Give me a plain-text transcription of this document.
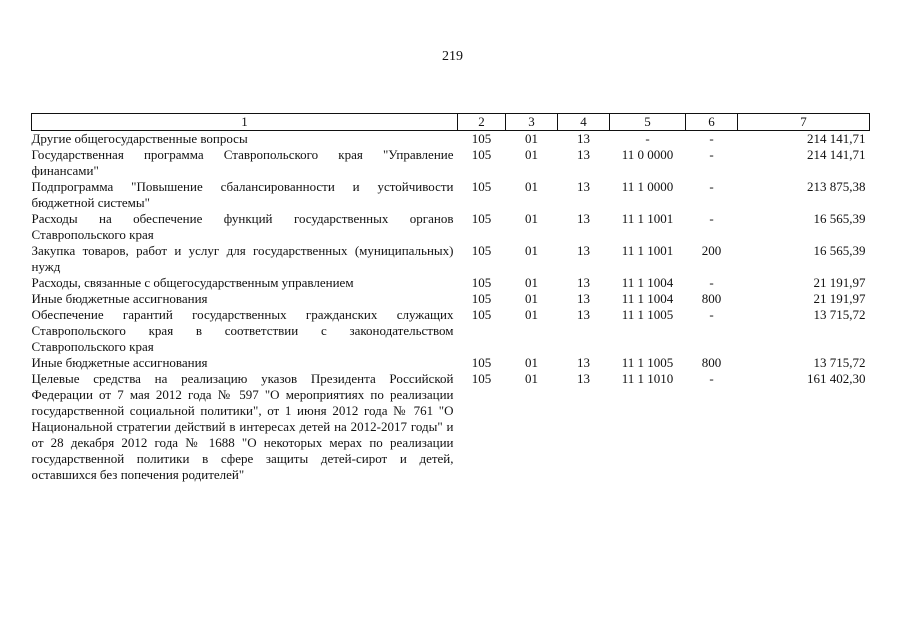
219
1	2	3	4	5	6	7
Другие общегосударственные вопросы	105	01	13	-	-	214 141,71
Государственная программа Ставропольского края "Управление финансами"	105	01	13	11 0 0000	-	214 141,71
Подпрограмма "Повышение сбалансированности и устойчивости бюджетной системы"	105	01	13	11 1 0000	-	213 875,38
Расходы на обеспечение функций государственных органов Ставропольского края	105	01	13	11 1 1001	-	16 565,39
Закупка товаров, работ и услуг для государственных (муниципальных) нужд	105	01	13	11 1 1001	200	16 565,39
Расходы, связанные с общегосударственным управлением	105	01	13	11 1 1004	-	21 191,97
Иные бюджетные ассигнования	105	01	13	11 1 1004	800	21 191,97
Обеспечение гарантий государственных гражданских служащих Ставропольского края в соответствии с законодательством Ставропольского края	105	01	13	11 1 1005	-	13 715,72
Иные бюджетные ассигнования	105	01	13	11 1 1005	800	13 715,72
Целевые средства на реализацию указов Президента Российской Федерации от 7 мая 2012 года № 597 "О мероприятиях по реализации государственной социальной политики", от 1 июня 2012 года № 761 "О Национальной стратегии действий в интересах детей на 2012-2017 годы" и от 28 декабря 2012 года № 1688 "О некоторых мерах по реализации государственной политики в сфере защиты детей-сирот и детей, оставшихся без попечения родителей"	105	01	13	11 1 1010	-	161 402,30
